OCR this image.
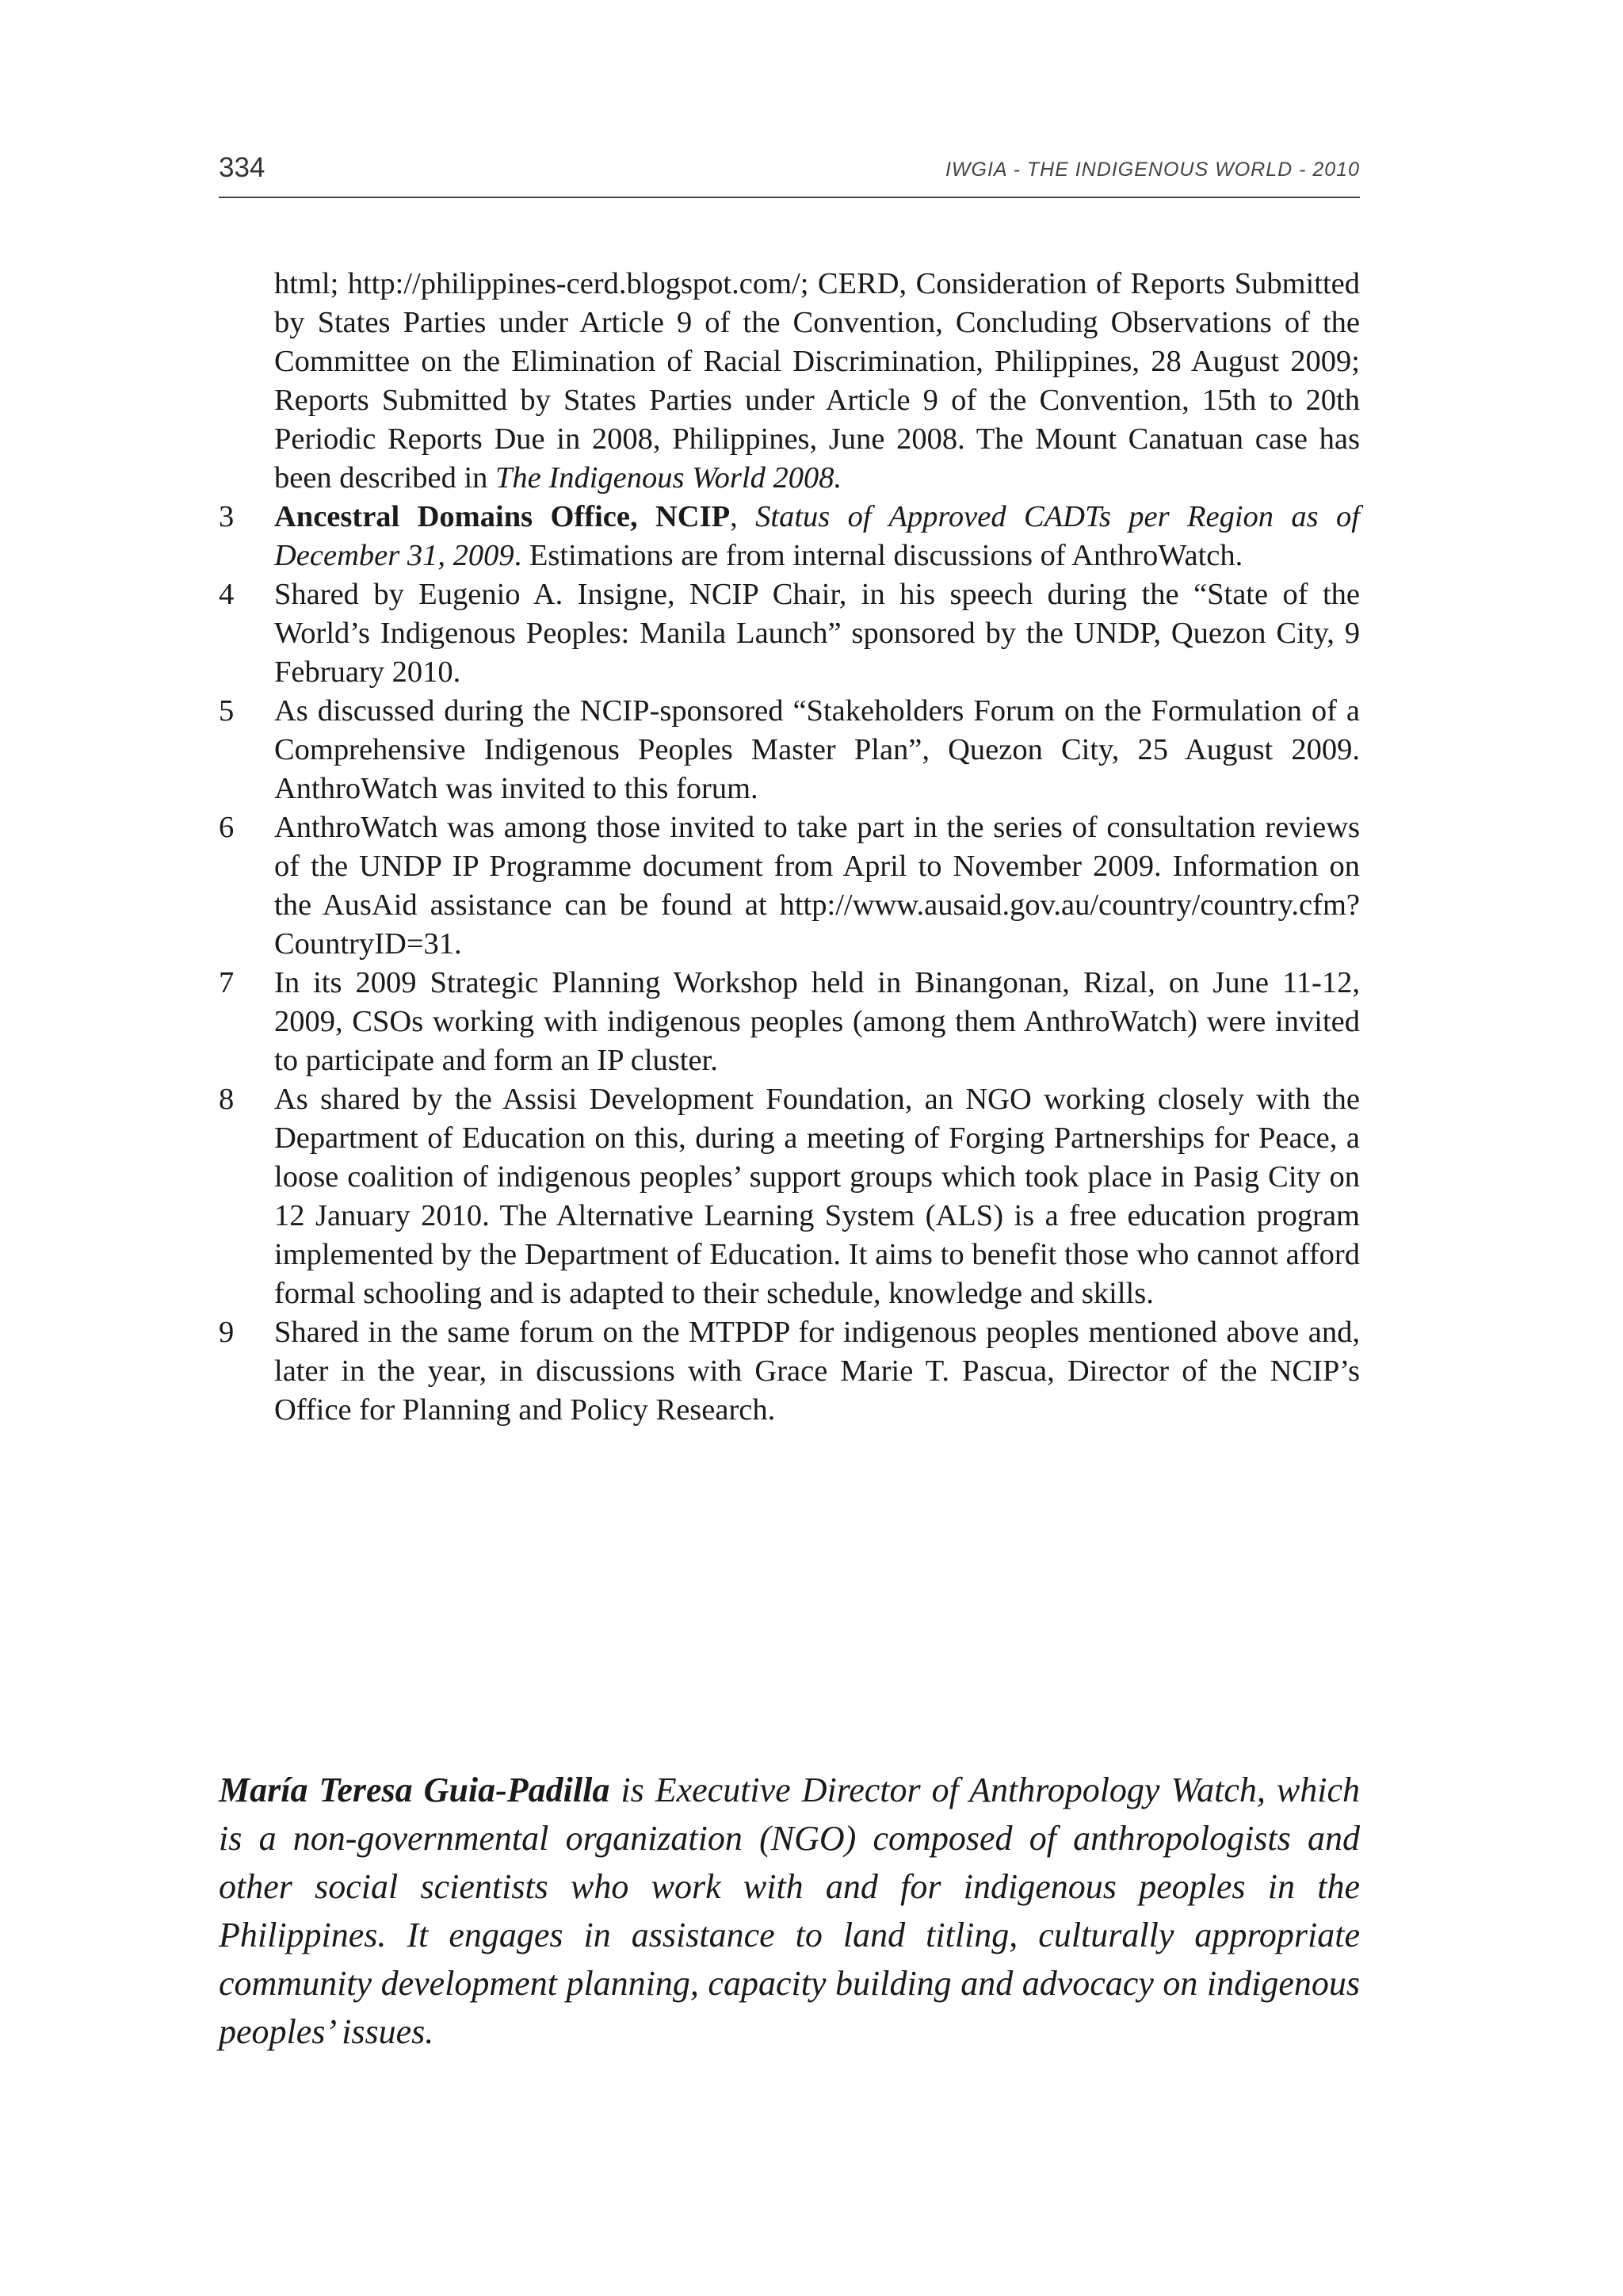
334	IWGIA - THE INDIGENOUS WORLD - 2010
html; http://philippines-cerd.blogspot.com/; CERD, Consideration of Reports Submitted by States Parties under Article 9 of the Convention, Concluding Observations of the Committee on the Elimination of Racial Discrimination, Philippines, 28 August 2009; Reports Submitted by States Parties under Article 9 of the Convention, 15th to 20th Periodic Reports Due in 2008, Philippines, June 2008. The Mount Canatuan case has been described in The Indigenous World 2008.
3 Ancestral Domains Office, NCIP, Status of Approved CADTs per Region as of December 31, 2009. Estimations are from internal discussions of AnthroWatch.
4 Shared by Eugenio A. Insigne, NCIP Chair, in his speech during the “State of the World’s Indigenous Peoples: Manila Launch” sponsored by the UNDP, Quezon City, 9 February 2010.
5 As discussed during the NCIP-sponsored “Stakeholders Forum on the Formulation of a Comprehensive Indigenous Peoples Master Plan”, Quezon City, 25 August 2009. AnthroWatch was invited to this forum.
6 AnthroWatch was among those invited to take part in the series of consultation reviews of the UNDP IP Programme document from April to November 2009. Information on the AusAid assistance can be found at http://www.ausaid.gov.au/country/country.cfm?CountryID=31.
7 In its 2009 Strategic Planning Workshop held in Binangonan, Rizal, on June 11-12, 2009, CSOs working with indigenous peoples (among them AnthroWatch) were invited to participate and form an IP cluster.
8 As shared by the Assisi Development Foundation, an NGO working closely with the Department of Education on this, during a meeting of Forging Partnerships for Peace, a loose coalition of indigenous peoples’ support groups which took place in Pasig City on 12 January 2010. The Alternative Learning System (ALS) is a free education program implemented by the Department of Education. It aims to benefit those who cannot afford formal schooling and is adapted to their schedule, knowledge and skills.
9 Shared in the same forum on the MTPDP for indigenous peoples mentioned above and, later in the year, in discussions with Grace Marie T. Pascua, Director of the NCIP’s Office for Planning and Policy Research.

María Teresa Guia-Padilla is Executive Director of Anthropology Watch, which is a non-governmental organization (NGO) composed of anthropologists and other social scientists who work with and for indigenous peoples in the Philippines. It engages in assistance to land titling, culturally appropriate community development planning, capacity building and advocacy on indigenous peoples’ issues.
